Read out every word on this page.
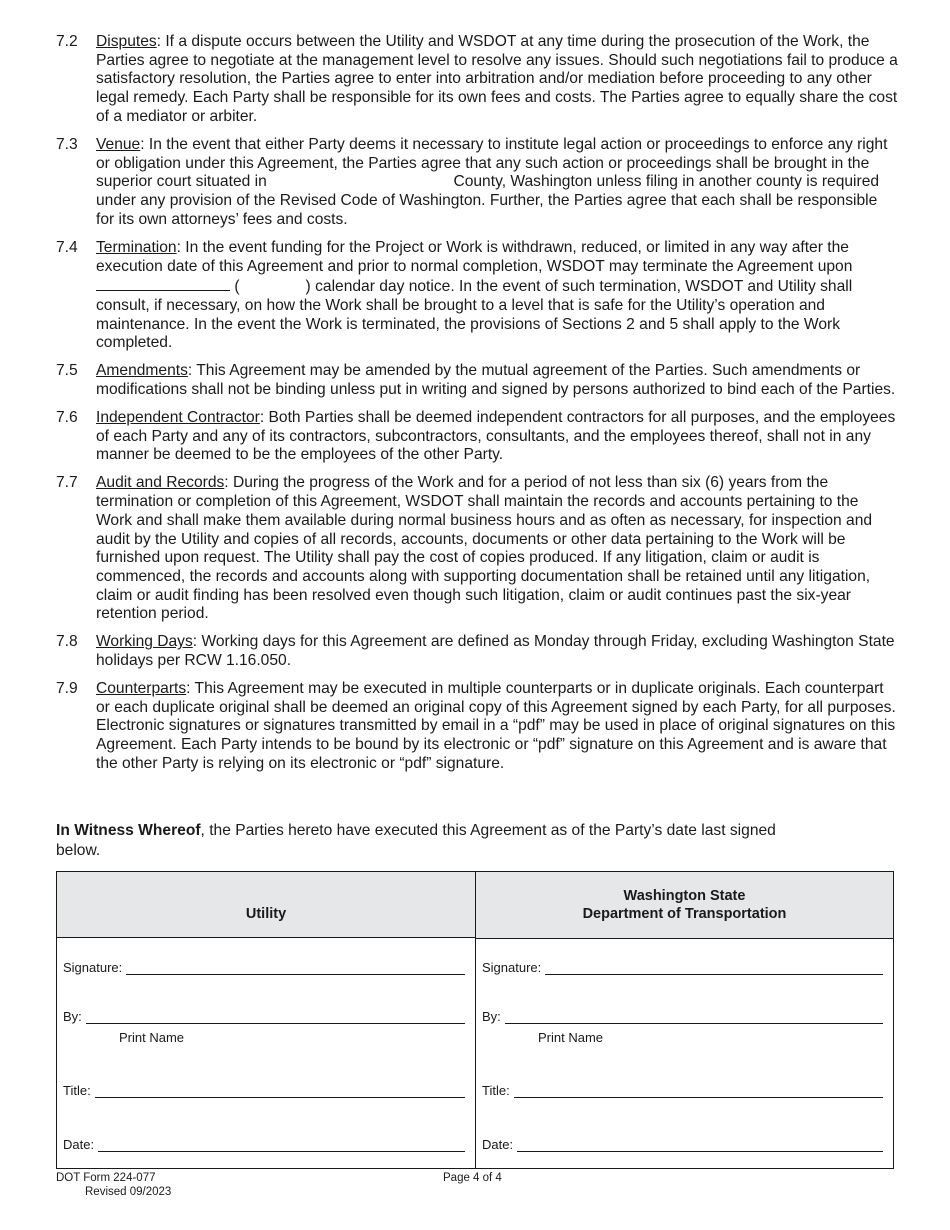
7.2 Disputes: If a dispute occurs between the Utility and WSDOT at any time during the prosecution of the Work, the Parties agree to negotiate at the management level to resolve any issues. Should such negotiations fail to produce a satisfactory resolution, the Parties agree to enter into arbitration and/or mediation before proceeding to any other legal remedy. Each Party shall be responsible for its own fees and costs. The Parties agree to equally share the cost of a mediator or arbiter.
7.3 Venue: In the event that either Party deems it necessary to institute legal action or proceedings to enforce any right or obligation under this Agreement, the Parties agree that any such action or proceedings shall be brought in the superior court situated in	County, Washington unless filing in another county is required under any provision of the Revised Code of Washington. Further, the Parties agree that each shall be responsible for its own attorneys’ fees and costs.
7.4 Termination: In the event funding for the Project or Work is withdrawn, reduced, or limited in any way after the execution date of this Agreement and prior to normal completion, WSDOT may terminate the Agreement upon  (	) calendar day notice. In the event of such termination, WSDOT and Utility shall consult, if necessary, on how the Work shall be brought to a level that is safe for the Utility’s operation and maintenance. In the event the Work is terminated, the provisions of Sections 2 and 5 shall apply to the Work completed.
7.5 Amendments: This Agreement may be amended by the mutual agreement of the Parties. Such amendments or modifications shall not be binding unless put in writing and signed by persons authorized to bind each of the Parties.
7.6 Independent Contractor: Both Parties shall be deemed independent contractors for all purposes, and the employees of each Party and any of its contractors, subcontractors, consultants, and the employees thereof, shall not in any manner be deemed to be the employees of the other Party.
7.7 Audit and Records: During the progress of the Work and for a period of not less than six (6) years from the termination or completion of this Agreement, WSDOT shall maintain the records and accounts pertaining to the Work and shall make them available during normal business hours and as often as necessary, for inspection and audit by the Utility and copies of all records, accounts, documents or other data pertaining to the Work will be furnished upon request. The Utility shall pay the cost of copies produced. If any litigation, claim or audit is commenced, the records and accounts along with supporting documentation shall be retained until any litigation, claim or audit finding has been resolved even though such litigation, claim or audit continues past the six-year retention period.
7.8 Working Days: Working days for this Agreement are defined as Monday through Friday, excluding Washington State holidays per RCW 1.16.050.
7.9 Counterparts: This Agreement may be executed in multiple counterparts or in duplicate originals. Each counterpart or each duplicate original shall be deemed an original copy of this Agreement signed by each Party, for all purposes. Electronic signatures or signatures transmitted by email in a “pdf” may be used in place of original signatures on this Agreement. Each Party intends to be bound by its electronic or “pdf” signature on this Agreement and is aware that the other Party is relying on its electronic or “pdf” signature.
In Witness Whereof, the Parties hereto have executed this Agreement as of the Party’s date last signed below.
Utility
Signature:
By:
Print Name
Title:
Date:
Washington State
Department of Transportation
Signature:
By:
Print Name
Title:
Date:
DOT Form 224-077
Revised 09/2023
Page 4 of 4
